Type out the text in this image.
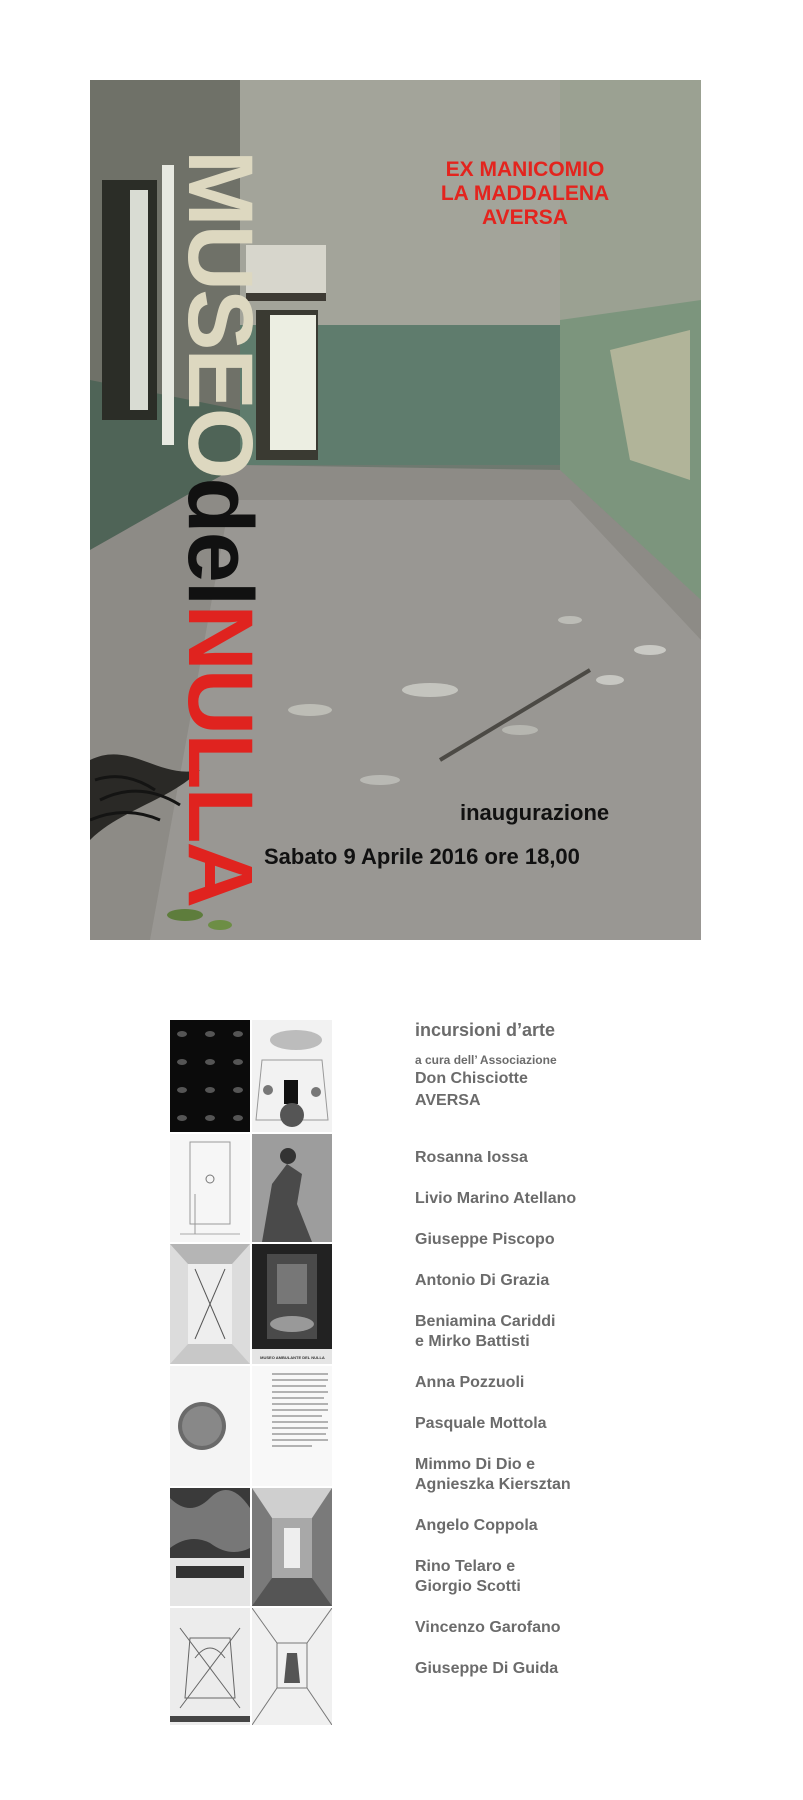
MUSEOdelNULLA
EX MANICOMIO
LA MADDALENA
AVERSA
inaugurazione
Sabato 9 Aprile 2016 ore 18,00
incursioni d’arte
a cura dell’ Associazione
Don Chisciotte
AVERSA
Rosanna Iossa
Livio Marino Atellano
Giuseppe Piscopo
Antonio Di Grazia
Beniamina Cariddi
e Mirko Battisti
Anna Pozzuoli
Pasquale Mottola
Mimmo Di Dio e
Agnieszka Kiersztan
Angelo Coppola
Rino Telaro e
Giorgio Scotti
Vincenzo Garofano
Giuseppe Di Guida
MUSEO AMBULANTE DEL NULLA
